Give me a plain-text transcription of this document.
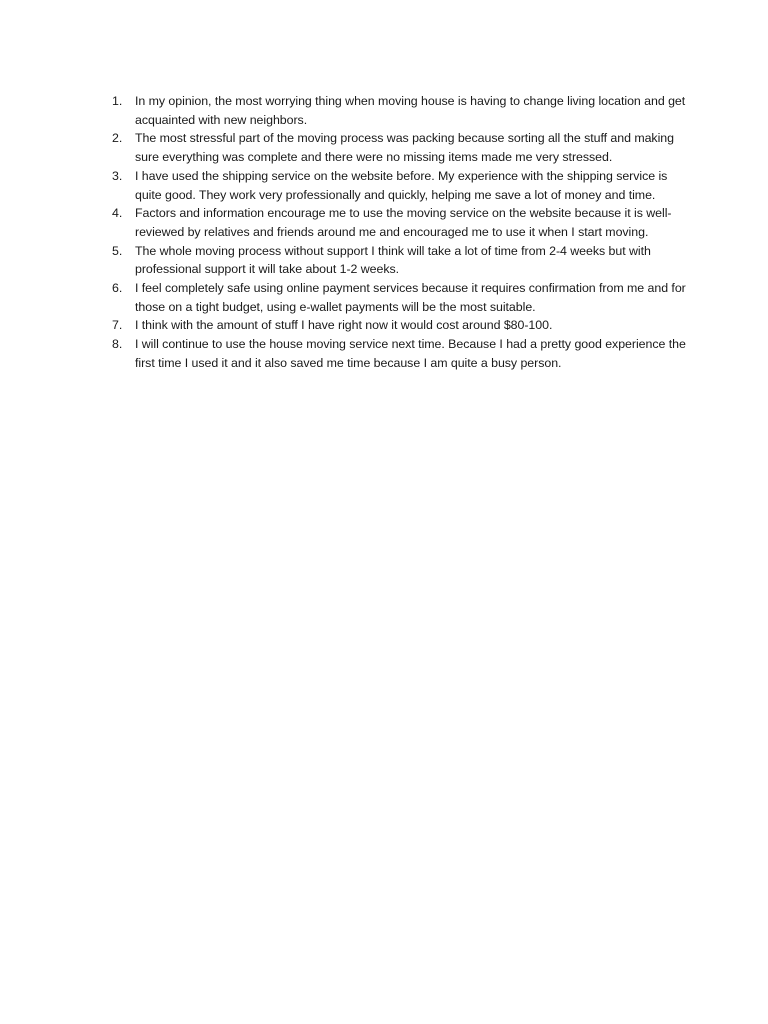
1.	In my opinion, the most worrying thing when moving house is having to change living location and get acquainted with new neighbors.
2.	The most stressful part of the moving process was packing because sorting all the stuff and making sure everything was complete and there were no missing items made me very stressed.
3.	I have used the shipping service on the website before. My experience with the shipping service is quite good. They work very professionally and quickly, helping me save a lot of money and time.
4.	Factors and information encourage me to use the moving service on the website because it is well-reviewed by relatives and friends around me and encouraged me to use it when I start moving.
5.	The whole moving process without support I think will take a lot of time from 2-4 weeks but with professional support it will take about 1-2 weeks.
6.	I feel completely safe using online payment services because it requires confirmation from me and for those on a tight budget, using e-wallet payments will be the most suitable.
7.	I think with the amount of stuff I have right now it would cost around $80-100.
8.	I will continue to use the house moving service next time. Because I had a pretty good experience the first time I used it and it also saved me time because I am quite a busy person.
